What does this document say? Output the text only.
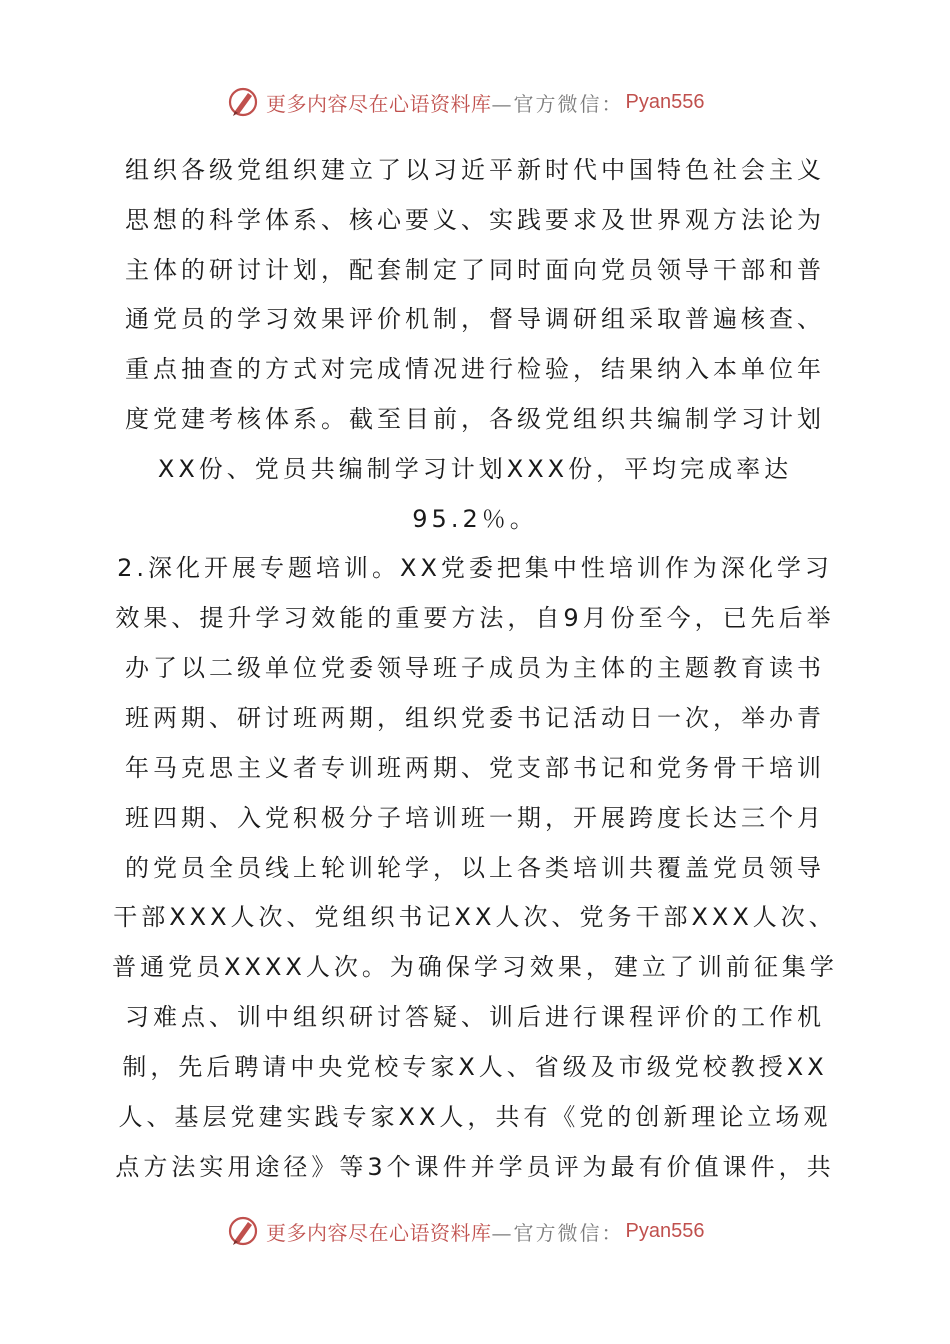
更多内容尽在心语资料库 —官方微信： Pyan556
组织各级党组织建立了以习近平新时代中国特色社会主义
思想的科学体系、核心要义、实践要求及世界观方法论为
主体的研讨计划，配套制定了同时面向党员领导干部和普
通党员的学习效果评价机制，督导调研组采取普遍核查、
重点抽查的方式对完成情况进行检验，结果纳入本单位年
度党建考核体系。截至目前，各级党组织共编制学习计划
XX份、党员共编制学习计划XXX份，平均完成率达
95.2％。
2.深化开展专题培训。XX党委把集中性培训作为深化学习
效果、提升学习效能的重要方法，自9月份至今，已先后举
办了以二级单位党委领导班子成员为主体的主题教育读书
班两期、研讨班两期，组织党委书记活动日一次，举办青
年马克思主义者专训班两期、党支部书记和党务骨干培训
班四期、入党积极分子培训班一期，开展跨度长达三个月
的党员全员线上轮训轮学，以上各类培训共覆盖党员领导
干部XXX人次、党组织书记XX人次、党务干部XXX人次、
普通党员XXXX人次。为确保学习效果，建立了训前征集学
习难点、训中组织研讨答疑、训后进行课程评价的工作机
制，先后聘请中央党校专家X人、省级及市级党校教授XX
人、基层党建实践专家XX人，共有《党的创新理论立场观
点方法实用途径》等3个课件并学员评为最有价值课件，共
更多内容尽在心语资料库 —官方微信： Pyan556
